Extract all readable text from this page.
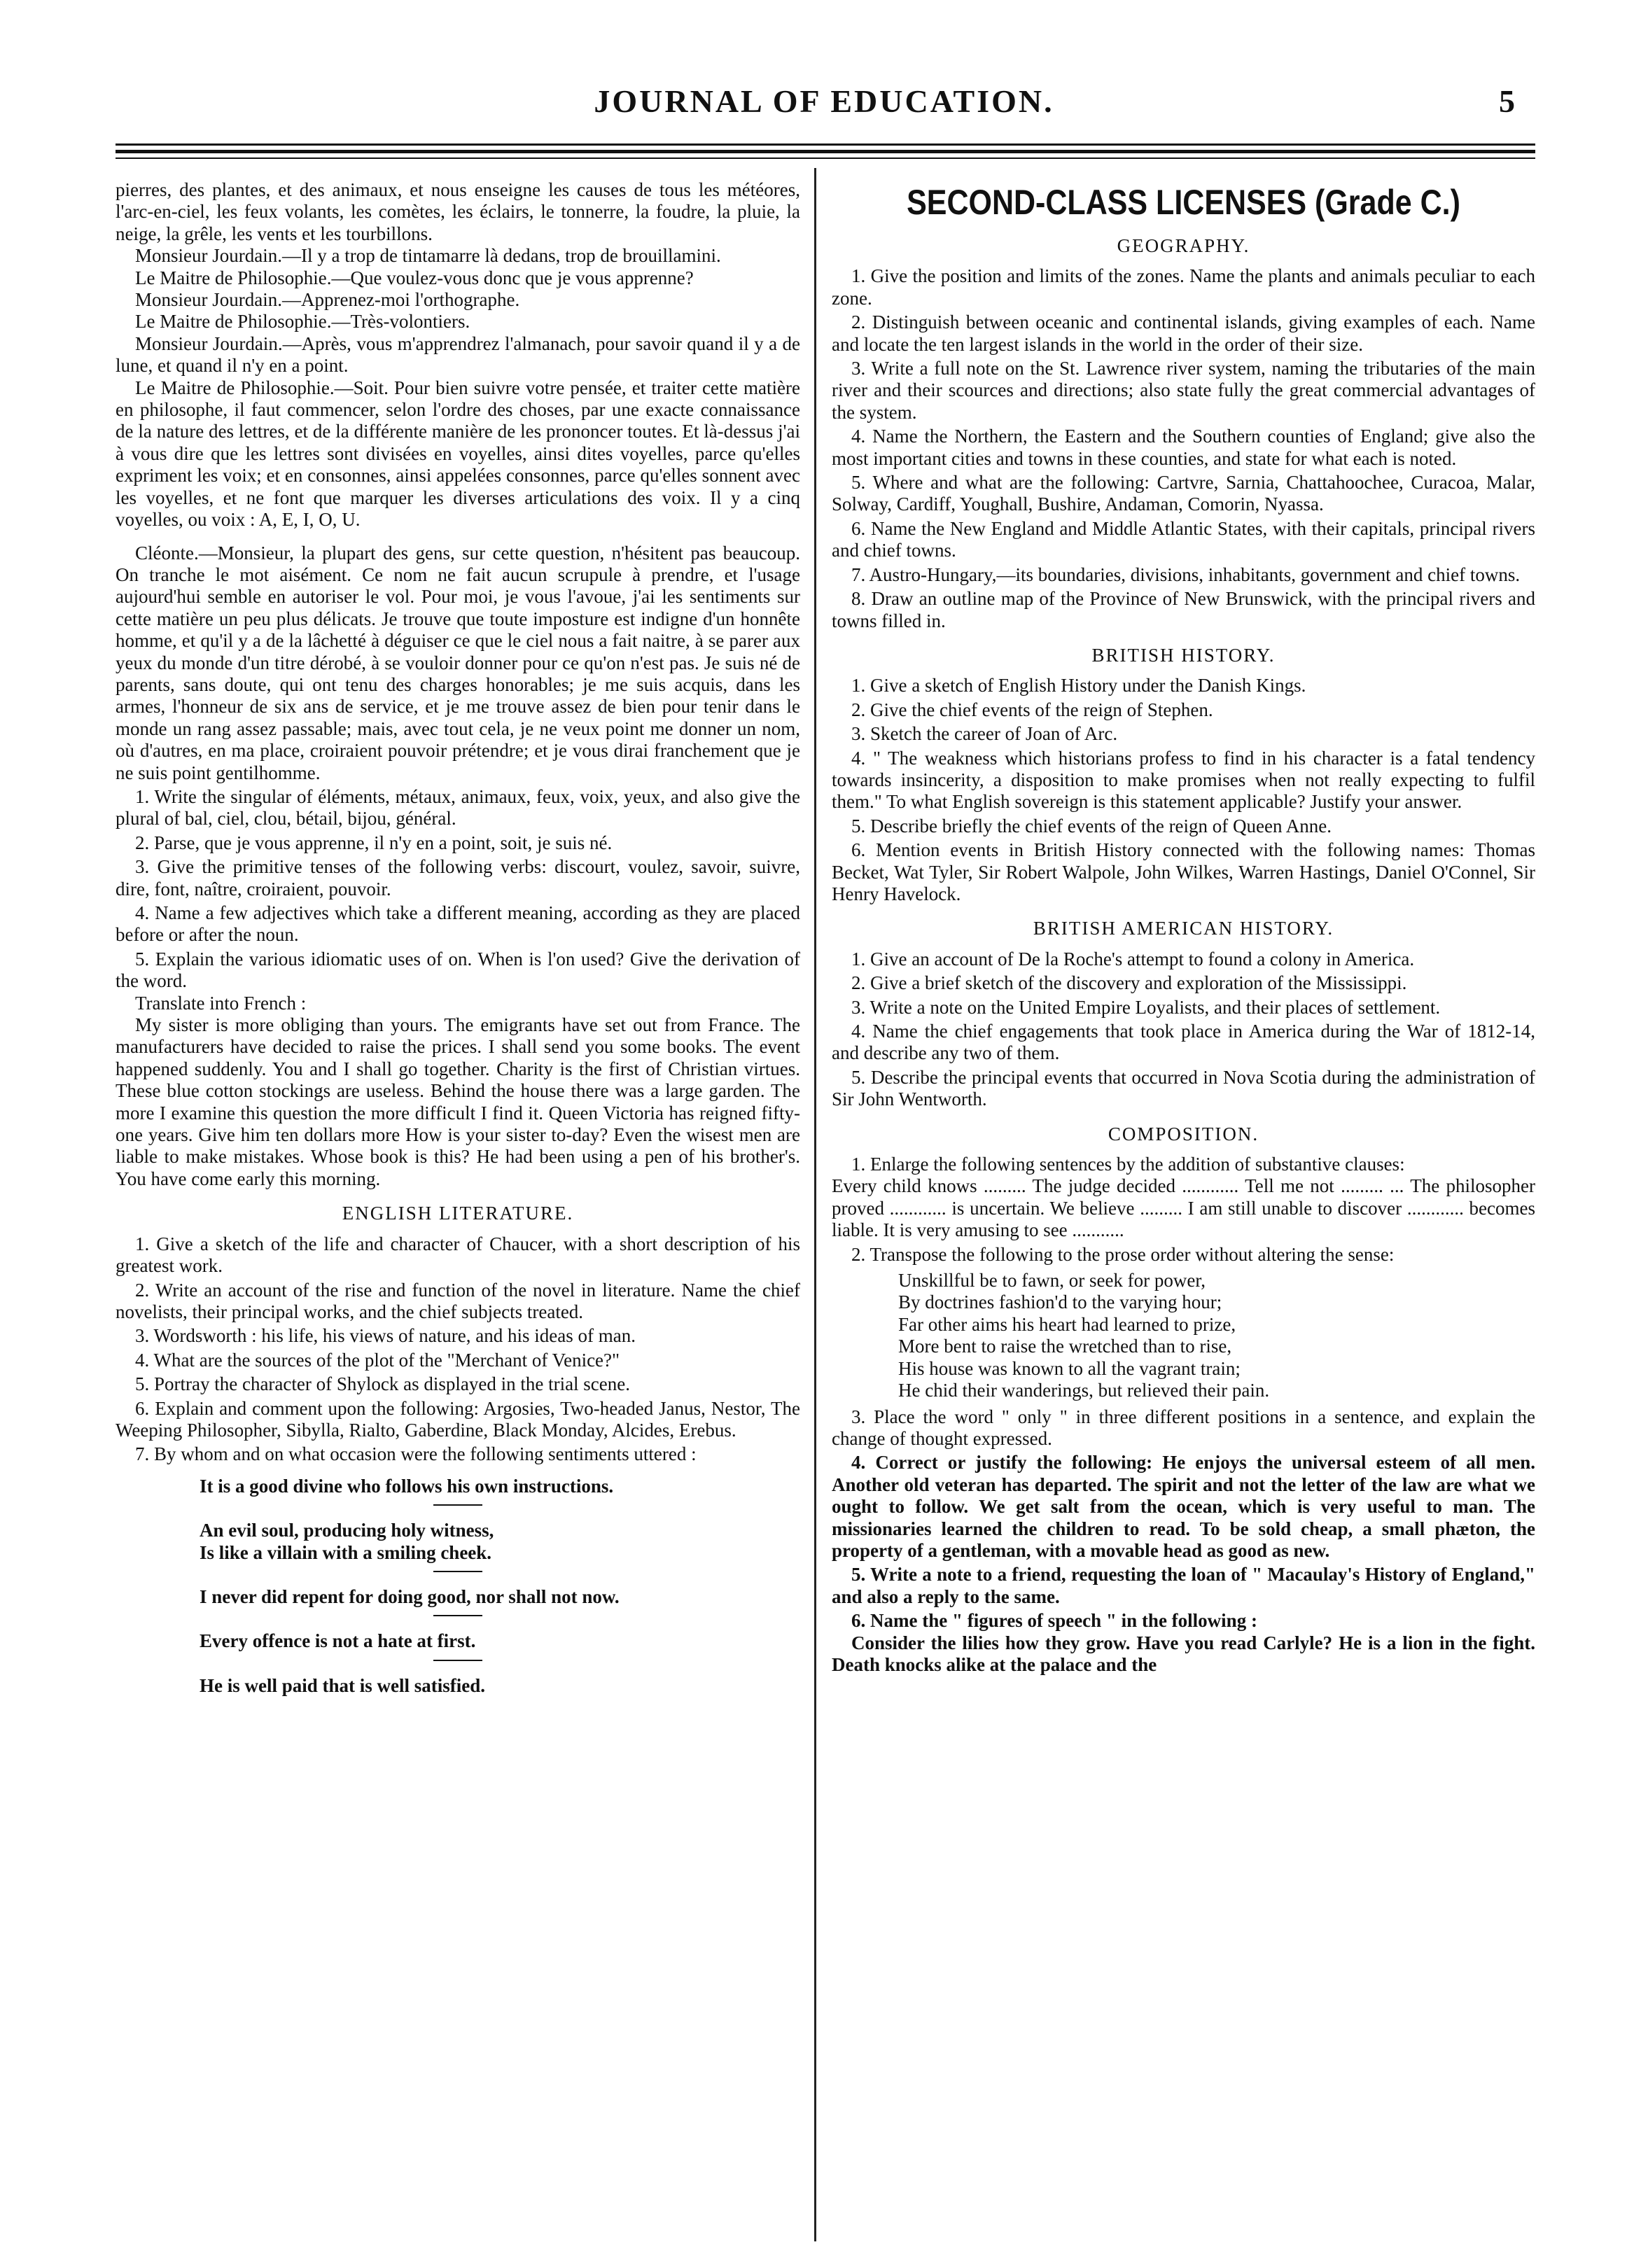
JOURNAL OF EDUCATION.	5

pierres, des plantes, et des animaux, et nous enseigne les causes de tous les météores, l'arc-en-ciel, les feux volants, les comètes, les éclairs, le tonnerre, la foudre, la pluie, la neige, la grêle, les vents et les tourbillons.

Monsieur Jourdain.—Il y a trop de tintamarre là dedans, trop de brouillamini.

Le Maitre de Philosophie.—Que voulez-vous donc que je vous apprenne?

Monsieur Jourdain.—Apprenez-moi l'orthographe.

Le Maitre de Philosophie.—Très-volontiers.

Monsieur Jourdain.—Après, vous m'apprendrez l'almanach, pour savoir quand il y a de lune, et quand il n'y en a point.

Le Maitre de Philosophie.—Soit. Pour bien suivre votre pensée, et traiter cette matière en philosophe, il faut commencer, selon l'ordre des choses, par une exacte connaissance de la nature des lettres, et de la différente manière de les prononcer toutes. Et là-dessus j'ai à vous dire que les lettres sont divisées en voyelles, ainsi dites voyelles, parce qu'elles expriment les voix; et en consonnes, ainsi appelées consonnes, parce qu'elles sonnent avec les voyelles, et ne font que marquer les diverses articulations des voix. Il y a cinq voyelles, ou voix : A, E, I, O, U.

Cléonte.—Monsieur, la plupart des gens, sur cette question, n'hésitent pas beaucoup. On tranche le mot aisément. Ce nom ne fait aucun scrupule à prendre, et l'usage aujourd'hui semble en autoriser le vol. Pour moi, je vous l'avoue, j'ai les sentiments sur cette matière un peu plus délicats. Je trouve que toute imposture est indigne d'un honnête homme, et qu'il y a de la lâchetté à déguiser ce que le ciel nous a fait naitre, à se parer aux yeux du monde d'un titre dérobé, à se vouloir donner pour ce qu'on n'est pas. Je suis né de parents, sans doute, qui ont tenu des charges honorables; je me suis acquis, dans les armes, l'honneur de six ans de service, et je me trouve assez de bien pour tenir dans le monde un rang assez passable; mais, avec tout cela, je ne veux point me donner un nom, où d'autres, en ma place, croiraient pouvoir prétendre; et je vous dirai franchement que je ne suis point gentilhomme.

1. Write the singular of éléments, métaux, animaux, feux, voix, yeux, and also give the plural of bal, ciel, clou, bétail, bijou, général.

2. Parse, que je vous apprenne, il n'y en a point, soit, je suis né.

3. Give the primitive tenses of the following verbs: discourt, voulez, savoir, suivre, dire, font, naître, croiraient, pouvoir.

4. Name a few adjectives which take a different meaning, according as they are placed before or after the noun.

5. Explain the various idiomatic uses of on. When is l'on used? Give the derivation of the word.

Translate into French :

My sister is more obliging than yours. The emigrants have set out from France. The manufacturers have decided to raise the prices. I shall send you some books. The event happened suddenly. You and I shall go together. Charity is the first of Christian virtues. These blue cotton stockings are useless. Behind the house there was a large garden. The more I examine this question the more difficult I find it. Queen Victoria has reigned fifty-one years. Give him ten dollars more How is your sister to-day? Even the wisest men are liable to make mistakes. Whose book is this? He had been using a pen of his brother's. You have come early this morning.

ENGLISH LITERATURE.

1. Give a sketch of the life and character of Chaucer, with a short description of his greatest work.

2. Write an account of the rise and function of the novel in literature. Name the chief novelists, their principal works, and the chief subjects treated.

3. Wordsworth : his life, his views of nature, and his ideas of man.

4. What are the sources of the plot of the "Merchant of Venice?"

5. Portray the character of Shylock as displayed in the trial scene.

6. Explain and comment upon the following: Argosies, Two-headed Janus, Nestor, The Weeping Philosopher, Sibylla, Rialto, Gaberdine, Black Monday, Alcides, Erebus.

7. By whom and on what occasion were the following sentiments uttered :

It is a good divine who follows his own instructions.

An evil soul, producing holy witness,

Is like a villain with a smiling cheek.

I never did repent for doing good, nor shall not now.

Every offence is not a hate at first.

He is well paid that is well satisfied.

SECOND-CLASS LICENSES (Grade C.)

GEOGRAPHY.

1. Give the position and limits of the zones. Name the plants and animals peculiar to each zone.

2. Distinguish between oceanic and continental islands, giving examples of each. Name and locate the ten largest islands in the world in the order of their size.

3. Write a full note on the St. Lawrence river system, naming the tributaries of the main river and their scources and directions; also state fully the great commercial advantages of the system.

4. Name the Northern, the Eastern and the Southern counties of England; give also the most important cities and towns in these counties, and state for what each is noted.

5. Where and what are the following: Cartvre, Sarnia, Chattahoochee, Curacoa, Malar, Solway, Cardiff, Youghall, Bushire, Andaman, Comorin, Nyassa.

6. Name the New England and Middle Atlantic States, with their capitals, principal rivers and chief towns.

7. Austro-Hungary,—its boundaries, divisions, inhabitants, government and chief towns.

8. Draw an outline map of the Province of New Brunswick, with the principal rivers and towns filled in.

BRITISH HISTORY.

1. Give a sketch of English History under the Danish Kings.

2. Give the chief events of the reign of Stephen.

3. Sketch the career of Joan of Arc.

4. " The weakness which historians profess to find in his character is a fatal tendency towards insincerity, a disposition to make promises when not really expecting to fulfil them." To what English sovereign is this statement applicable? Justify your answer.

5. Describe briefly the chief events of the reign of Queen Anne.

6. Mention events in British History connected with the following names: Thomas Becket, Wat Tyler, Sir Robert Walpole, John Wilkes, Warren Hastings, Daniel O'Connel, Sir Henry Havelock.

BRITISH AMERICAN HISTORY.

1. Give an account of De la Roche's attempt to found a colony in America.

2. Give a brief sketch of the discovery and exploration of the Mississippi.

3. Write a note on the United Empire Loyalists, and their places of settlement.

4. Name the chief engagements that took place in America during the War of 1812-14, and describe any two of them.

5. Describe the principal events that occurred in Nova Scotia during the administration of Sir John Wentworth.

COMPOSITION.

1. Enlarge the following sentences by the addition of substantive clauses:

Every child knows ......... The judge decided ............ Tell me not ......... ... The philosopher proved ............ is uncertain. We believe ......... I am still unable to discover ............ becomes liable. It is very amusing to see ...........

2. Transpose the following to the prose order without altering the sense:

Unskillful be to fawn, or seek for power,

By doctrines fashion'd to the varying hour;

Far other aims his heart had learned to prize,

More bent to raise the wretched than to rise,

His house was known to all the vagrant train;

He chid their wanderings, but relieved their pain.

3. Place the word " only " in three different positions in a sentence, and explain the change of thought expressed.

4. Correct or justify the following: He enjoys the universal esteem of all men. Another old veteran has departed. The spirit and not the letter of the law are what we ought to follow. We get salt from the ocean, which is very useful to man. The missionaries learned the children to read. To be sold cheap, a small phæton, the property of a gentleman, with a movable head as good as new.

5. Write a note to a friend, requesting the loan of " Macaulay's History of England," and also a reply to the same.

6. Name the " figures of speech " in the following :

Consider the lilies how they grow. Have you read Carlyle? He is a lion in the fight. Death knocks alike at the palace and the
